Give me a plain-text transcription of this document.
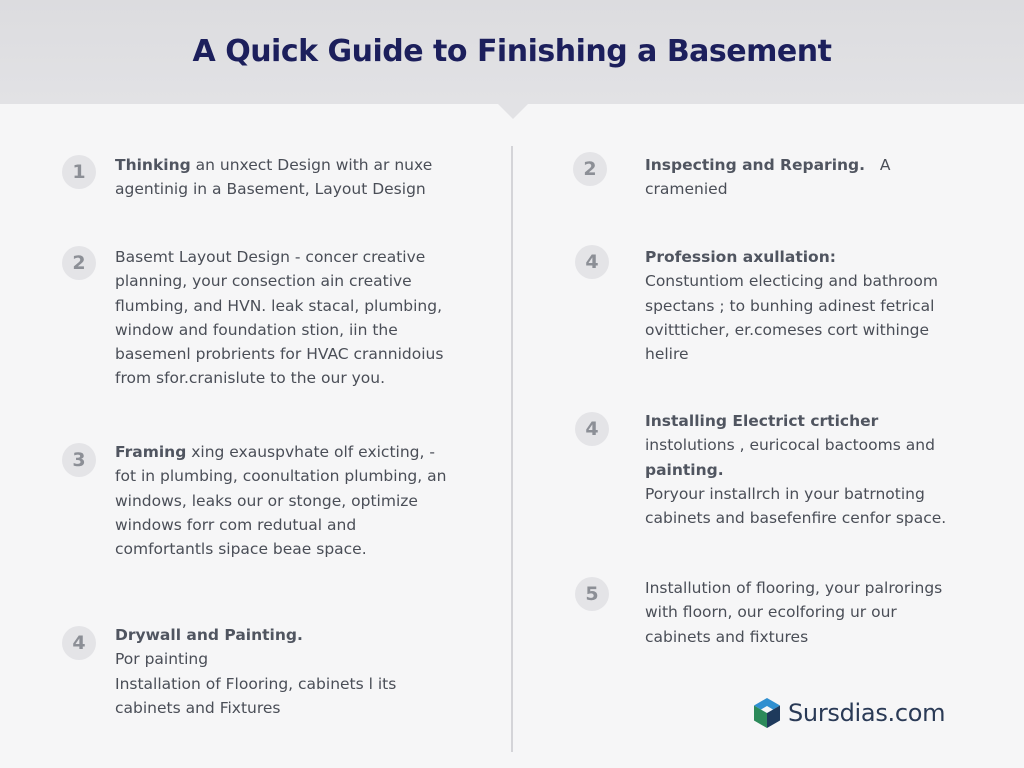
A Quick Guide to Finishing a Basement
1	Thinking an unxect Design with ar nuxe
agentinig in a Basement, Layout Design
2	Basemt Layout Design - concer creative
planning, your consection ain creative
flumbing, and HVN. leak stacal, plumbing,
window and foundation stion, iin the
basemenl probrients for HVAC crannidoius
from sfor.cranislute to the our you.
3	Framing xing exauspvhate olf exicting, -
fot in plumbing, coonultation plumbing, an
windows, leaks our or stonge, optimize
windows forr com redutual and
comfortantls sipace beae space.
4	Drywall and Painting.
Por painting
Installation of Flooring, cabinets l its
cabinets and Fixtures
2	Inspecting and Reparing.   A
cramenied
4	Profession axullation:
Constuntiom electicing and bathroom
spectans ; to bunhing adinest fetrical
ovittticher, er.comeses cort withinge
helire
4	Installing Electrict crticher
instolutions , euricocal bactooms and
painting.
Poryour installrch in your batrnoting
cabinets and basefenfire cenfor space.
5	Installution of flooring, your palrorings
with floorn, our ecolforing ur our
cabinets and fixtures
Sursdias.com
